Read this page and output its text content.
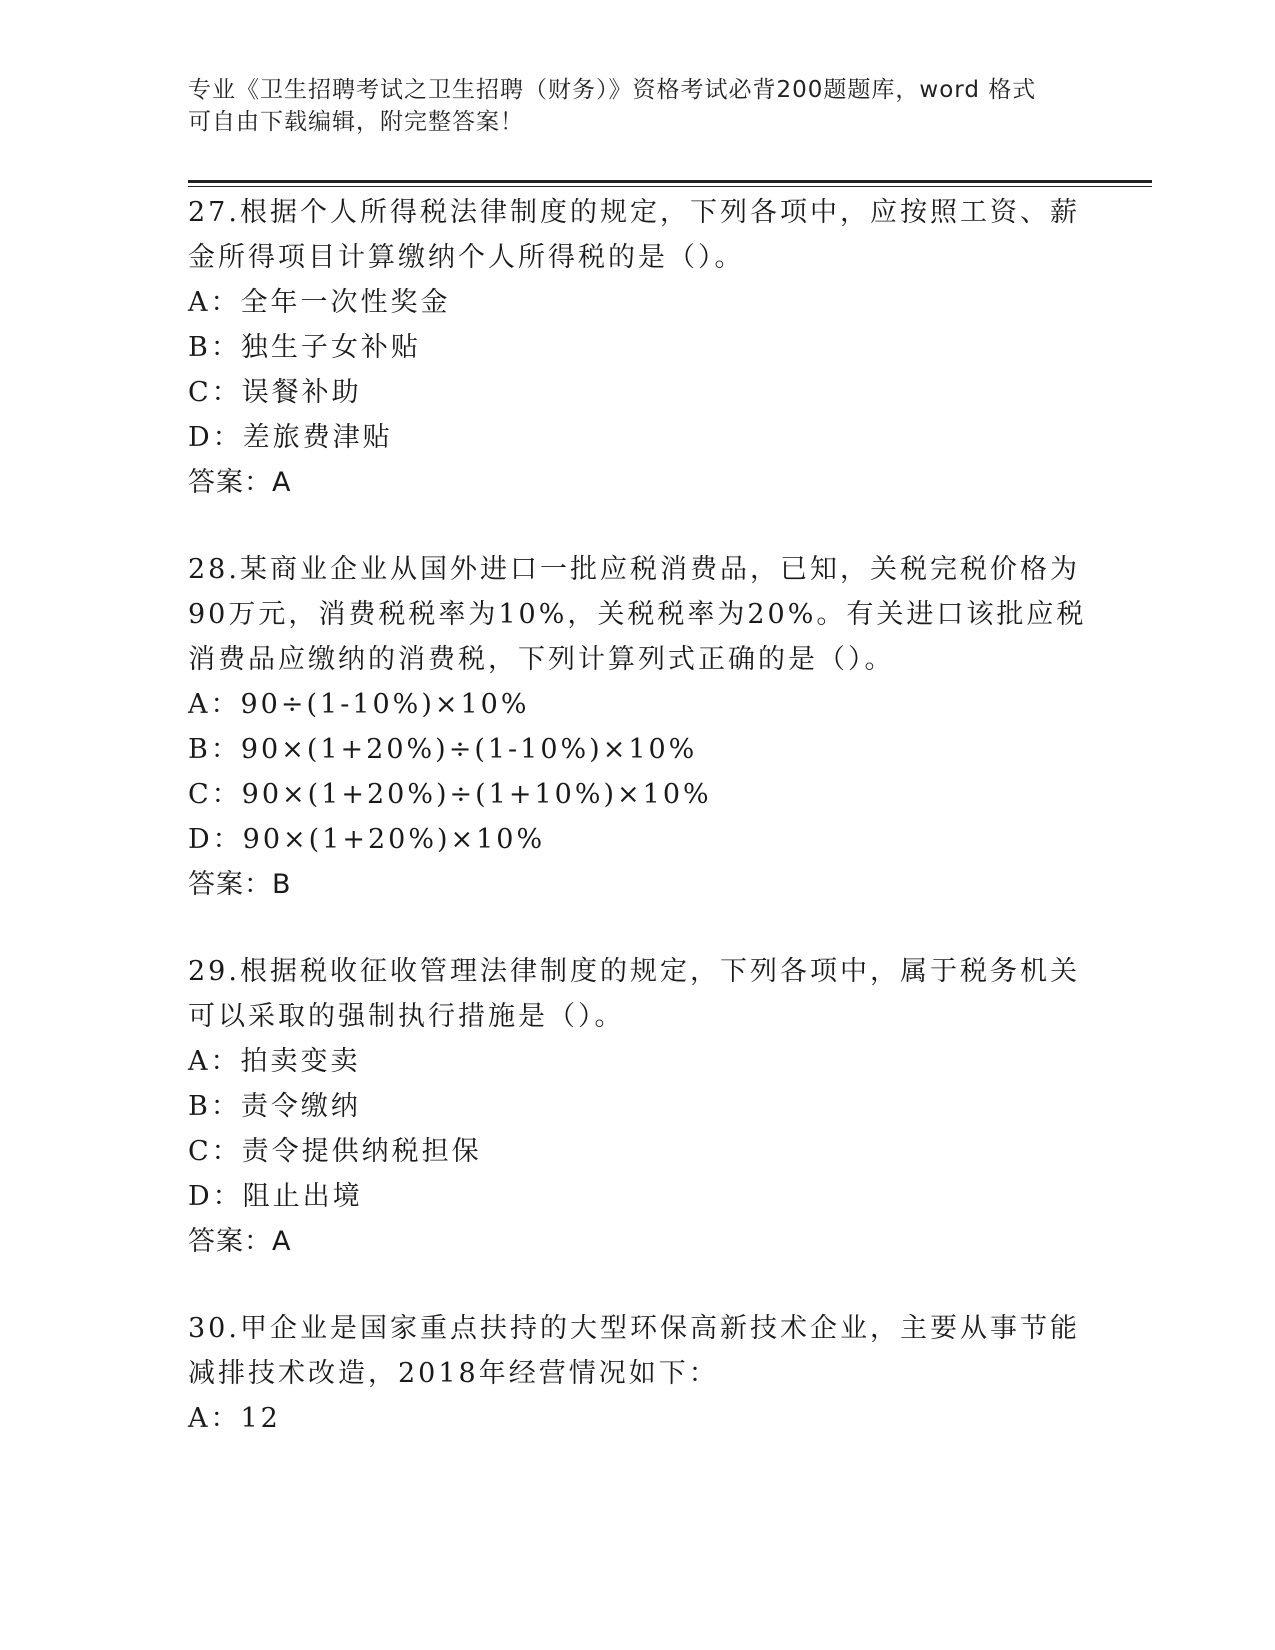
专业《卫生招聘考试之卫生招聘（财务）》资格考试必背200题题库，word 格式
可自由下载编辑，附完整答案！
27.根据个人所得税法律制度的规定，下列各项中，应按照工资、薪金所得项目计算缴纳个人所得税的是（）。
A：全年一次性奖金
B：独生子女补贴
C：误餐补助
D：差旅费津贴
答案：A
28.某商业企业从国外进口一批应税消费品，已知，关税完税价格为90万元，消费税税率为10%，关税税率为20%。有关进口该批应税消费品应缴纳的消费税，下列计算列式正确的是（）。
A：90÷(1-10%)×10%
B：90×(1+20%)÷(1-10%)×10%
C：90×(1+20%)÷(1+10%)×10%
D：90×(1+20%)×10%
答案：B
29.根据税收征收管理法律制度的规定，下列各项中，属于税务机关可以采取的强制执行措施是（）。
A：拍卖变卖
B：责令缴纳
C：责令提供纳税担保
D：阻止出境
答案：A
30.甲企业是国家重点扶持的大型环保高新技术企业，主要从事节能减排技术改造，2018年经营情况如下：
A：12
